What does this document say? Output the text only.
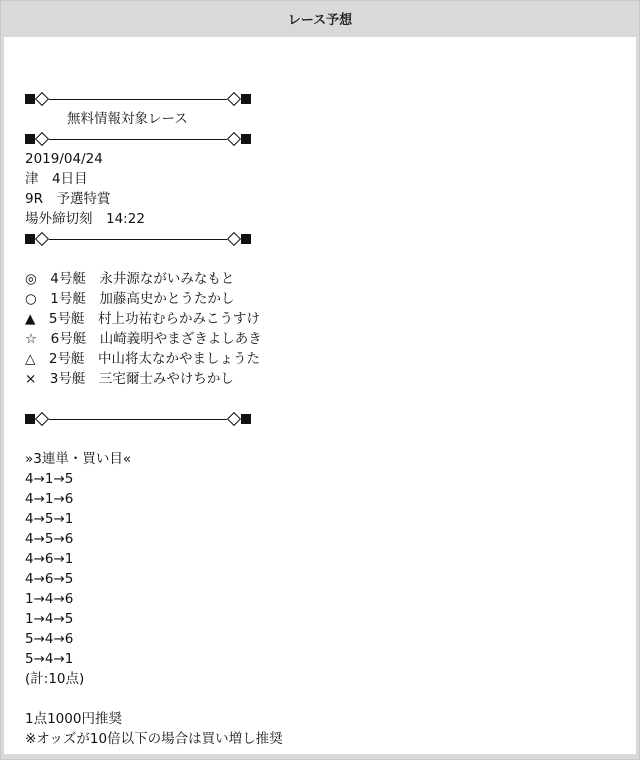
レース予想
無料情報対象レース
2019/04/24
津　4日目
9R　予選特賞
場外締切刻　14:22
◎　4号艇　永井源ながいみなもと
○　1号艇　加藤高史かとうたかし
▲　5号艇　村上功祐むらかみこうすけ
☆　6号艇　山崎義明やまざきよしあき
△　2号艇　中山将太なかやましょうた
×　3号艇　三宅爾士みやけちかし
»3連単・買い目«
4→1→5
4→1→6
4→5→1
4→5→6
4→6→1
4→6→5
1→4→6
1→4→5
5→4→6
5→4→1
(計:10点)
1点1000円推奨
※オッズが10倍以下の場合は買い増し推奨
